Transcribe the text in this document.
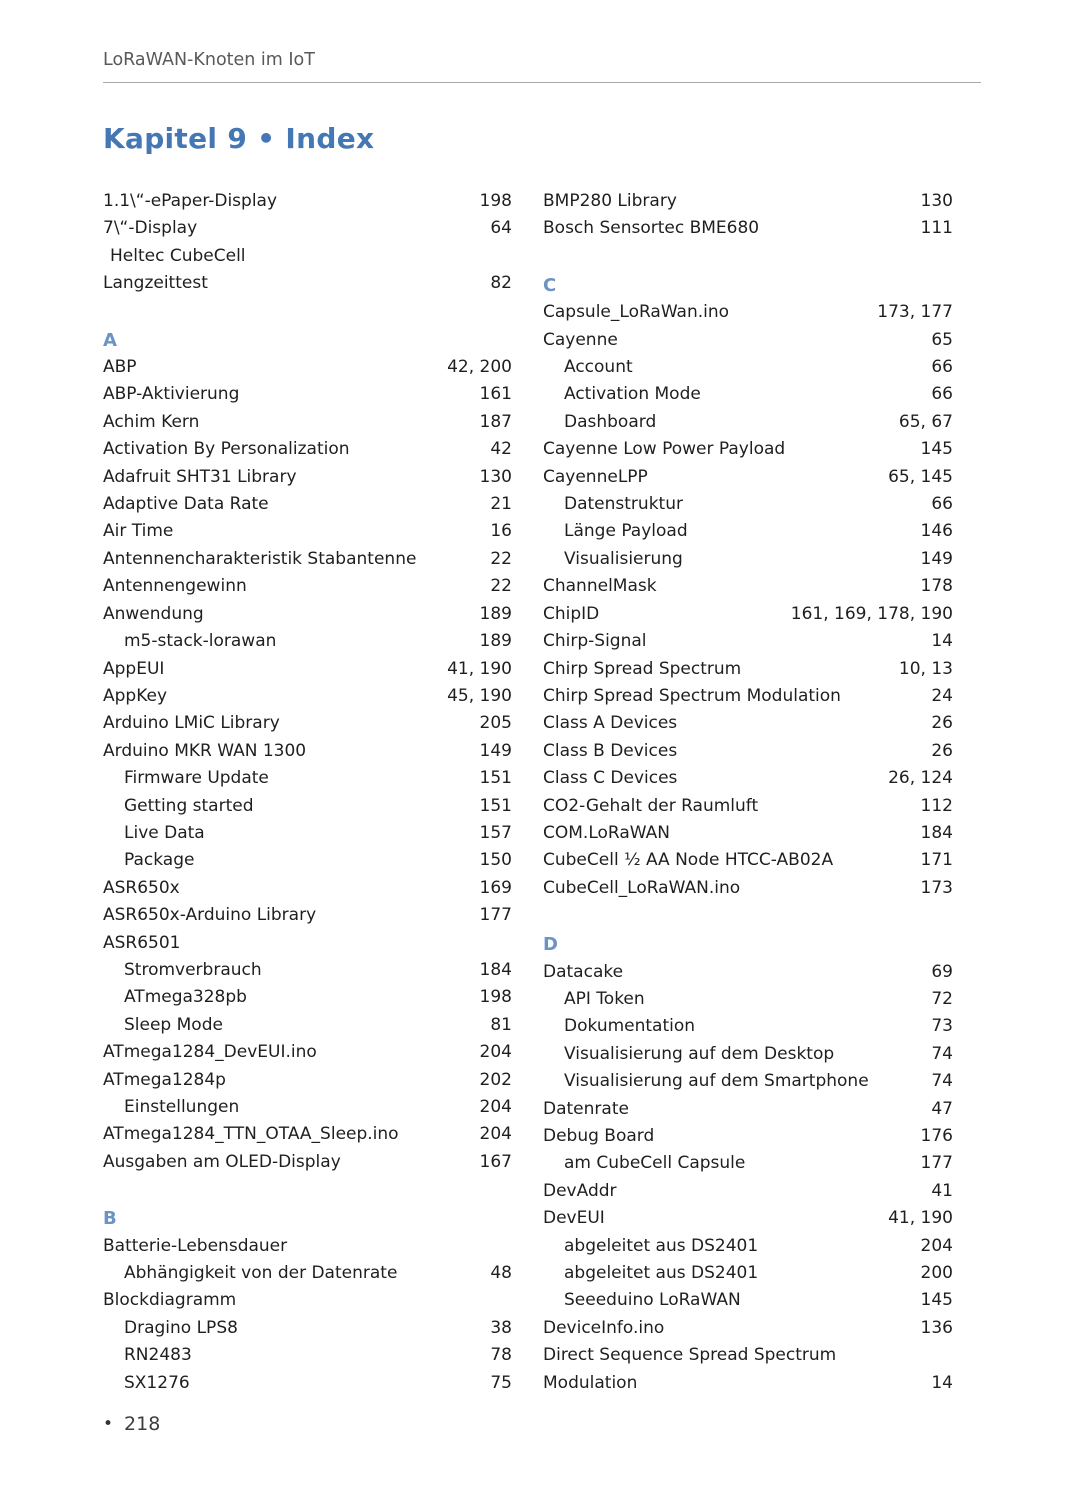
LoRaWAN-Knoten im IoT
Kapitel 9 • Index
1.1\“-ePaper-Display	198
7\“-Display	64
Heltec CubeCell
Langzeittest	82
A
ABP	42, 200
ABP-Aktivierung	161
Achim Kern	187
Activation By Personalization	42
Adafruit SHT31 Library	130
Adaptive Data Rate	21
Air Time	16
Antennencharakteristik Stabantenne	22
Antennengewinn	22
Anwendung	189
m5-stack-lorawan	189
AppEUI	41, 190
AppKey	45, 190
Arduino LMiC Library	205
Arduino MKR WAN 1300	149
Firmware Update	151
Getting started	151
Live Data	157
Package	150
ASR650x	169
ASR650x-Arduino Library	177
ASR6501
Stromverbrauch	184
ATmega328pb	198
Sleep Mode	81
ATmega1284_DevEUI.ino	204
ATmega1284p	202
Einstellungen	204
ATmega1284_TTN_OTAA_Sleep.ino	204
Ausgaben am OLED-Display	167
B
Batterie-Lebensdauer
Abhängigkeit von der Datenrate	48
Blockdiagramm
Dragino LPS8	38
RN2483	78
SX1276	75
BMP280 Library	130
Bosch Sensortec BME680	111
C
Capsule_LoRaWan.ino	173, 177
Cayenne	65
Account	66
Activation Mode	66
Dashboard	65, 67
Cayenne Low Power Payload	145
CayenneLPP	65, 145
Datenstruktur	66
Länge Payload	146
Visualisierung	149
ChannelMask	178
ChipID	161, 169, 178, 190
Chirp-Signal	14
Chirp Spread Spectrum	10, 13
Chirp Spread Spectrum Modulation	24
Class A Devices	26
Class B Devices	26
Class C Devices	26, 124
CO2-Gehalt der Raumluft	112
COM.LoRaWAN	184
CubeCell ½ AA Node HTCC-AB02A	171
CubeCell_LoRaWAN.ino	173
D
Datacake	69
API Token	72
Dokumentation	73
Visualisierung auf dem Desktop	74
Visualisierung auf dem Smartphone	74
Datenrate	47
Debug Board	176
am CubeCell Capsule	177
DevAddr	41
DevEUI	41, 190
abgeleitet aus DS2401	204
abgeleitet aus DS2401	200
Seeeduino LoRaWAN	145
DeviceInfo.ino	136
Direct Sequence Spread Spectrum
Modulation	14
• 218
